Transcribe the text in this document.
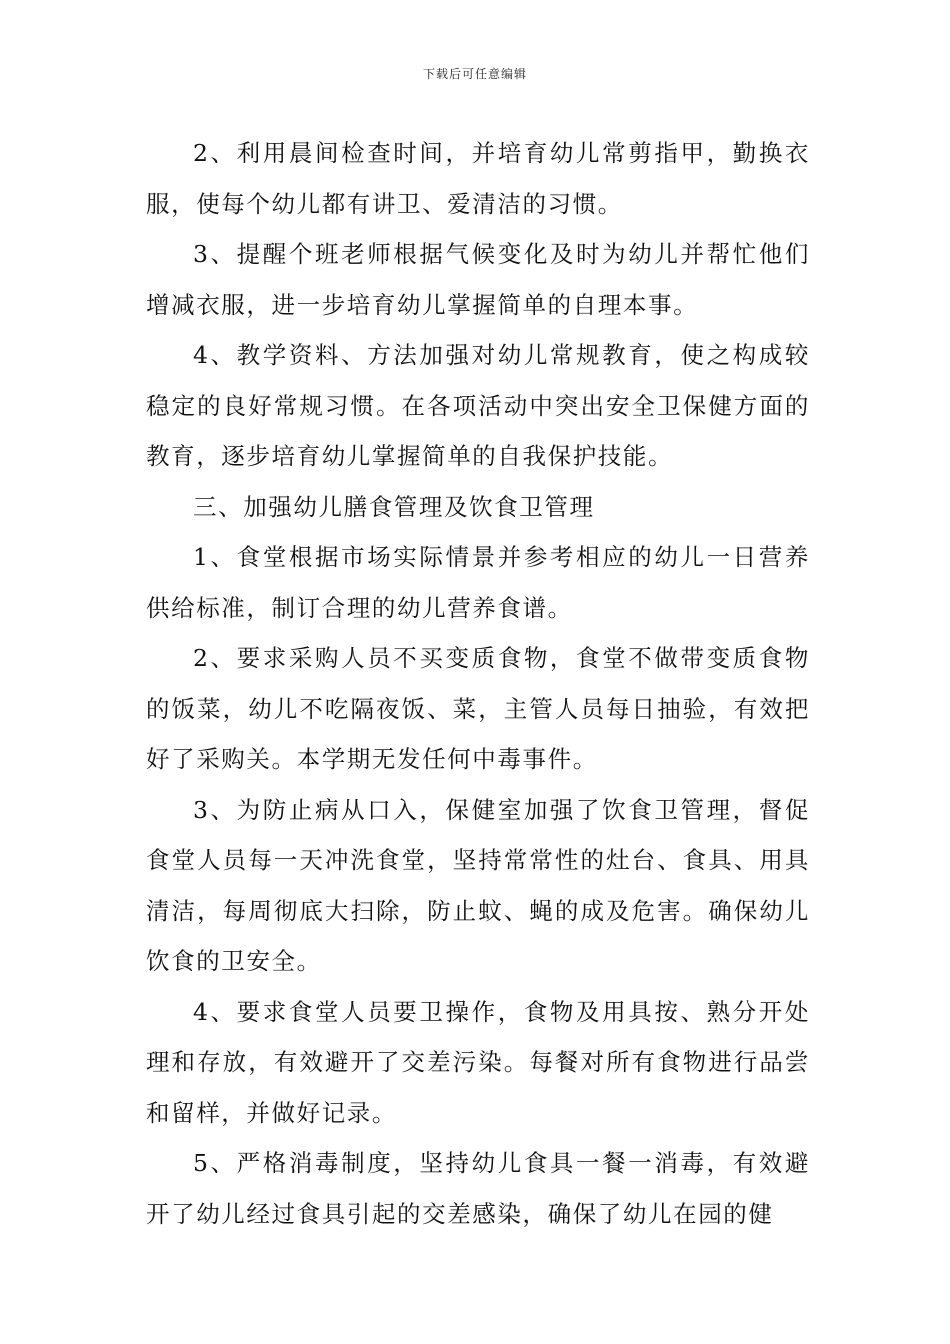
下载后可任意编辑

2、利用晨间检查时间，并培育幼儿常剪指甲，勤换衣服，使每个幼儿都有讲卫、爱清洁的习惯。

3、提醒个班老师根据气候变化及时为幼儿并帮忙他们增减衣服，进一步培育幼儿掌握简单的自理本事。

4、教学资料、方法加强对幼儿常规教育，使之构成较稳定的良好常规习惯。在各项活动中突出安全卫保健方面的教育，逐步培育幼儿掌握简单的自我保护技能。

三、加强幼儿膳食管理及饮食卫管理

1、食堂根据市场实际情景并参考相应的幼儿一日营养供给标准，制订合理的幼儿营养食谱。

2、要求采购人员不买变质食物，食堂不做带变质食物的饭菜，幼儿不吃隔夜饭、菜，主管人员每日抽验，有效把好了采购关。本学期无发任何中毒事件。

3、为防止病从口入，保健室加强了饮食卫管理，督促食堂人员每一天冲洗食堂，坚持常常性的灶台、食具、用具清洁，每周彻底大扫除，防止蚊、蝇的成及危害。确保幼儿饮食的卫安全。

4、要求食堂人员要卫操作，食物及用具按、熟分开处理和存放，有效避开了交差污染。每餐对所有食物进行品尝和留样，并做好记录。

5、严格消毒制度，坚持幼儿食具一餐一消毒，有效避开了幼儿经过食具引起的交差感染，确保了幼儿在园的健
